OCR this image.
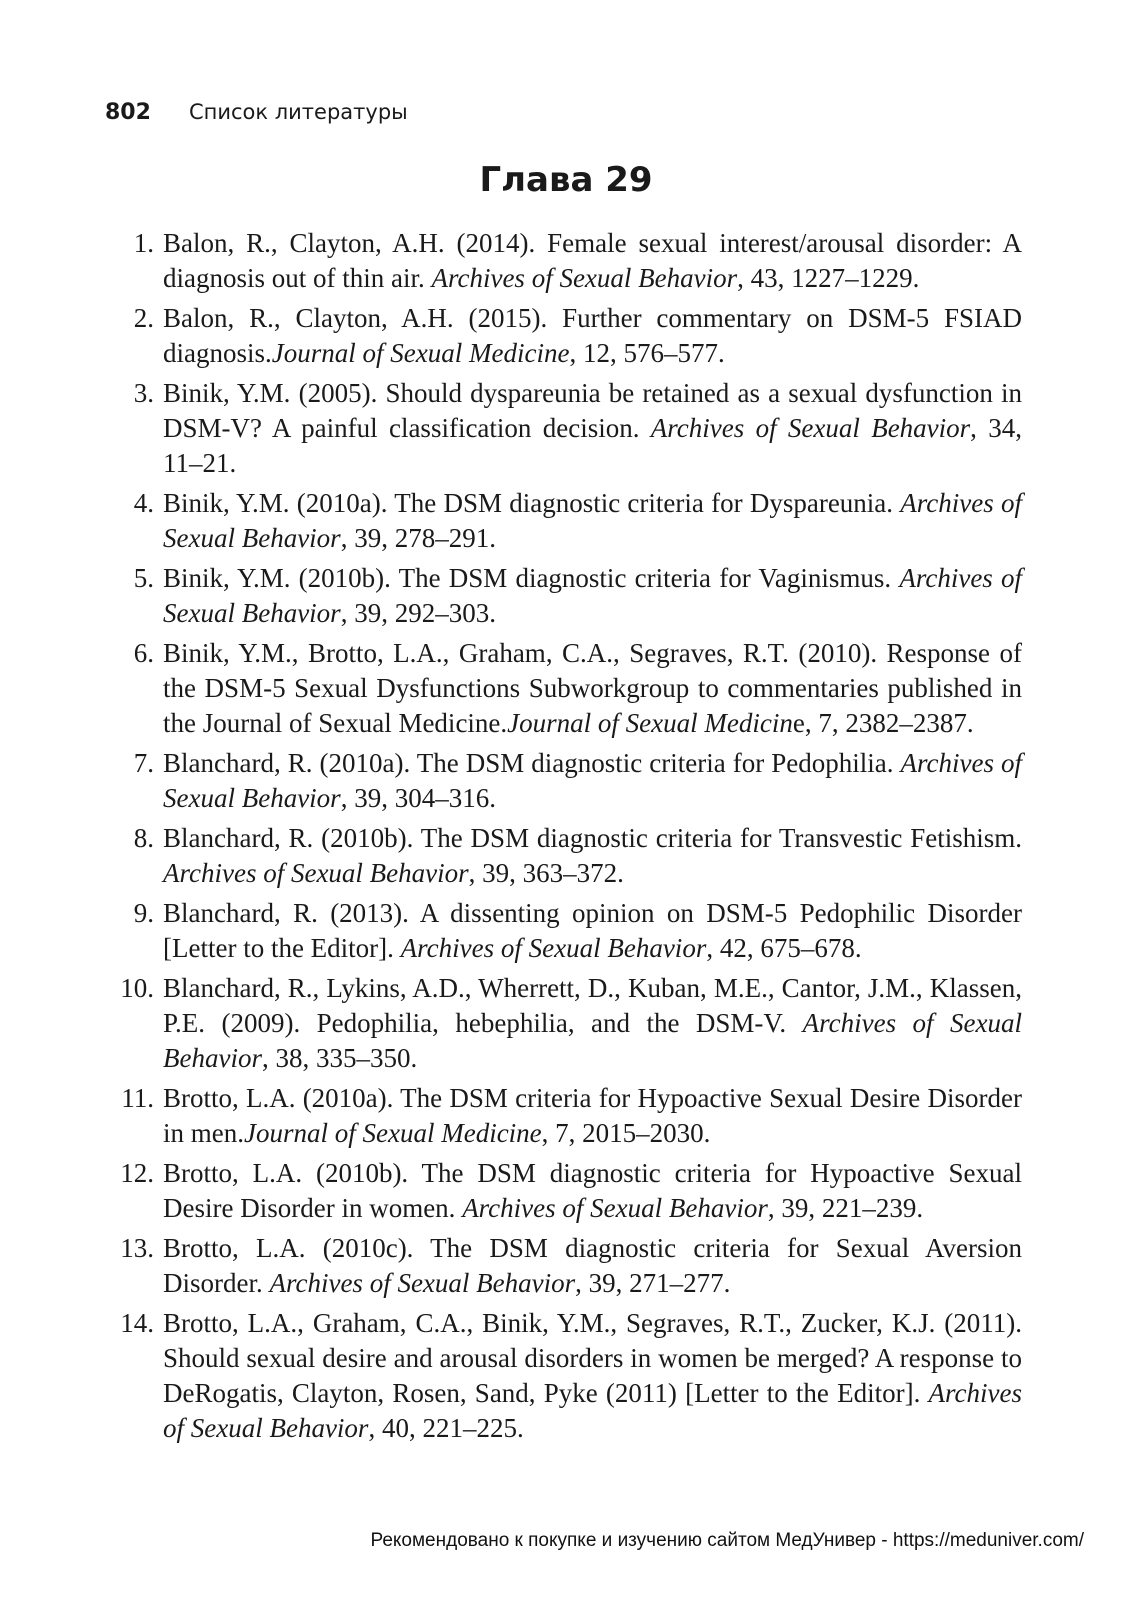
802 Список литературы
Глава 29
1. Balon, R., Clayton, A.H. (2014). Female sexual interest/arousal disorder: A diagnosis out of thin air. Archives of Sexual Behavior, 43, 1227–1229.
2. Balon, R., Clayton, A.H. (2015). Further commentary on DSM-5 FSIAD diagnosis.Journal of Sexual Medicine, 12, 576–577.
3. Binik, Y.M. (2005). Should dyspareunia be retained as a sexual dysfunction in DSM-V? A painful classification decision. Archives of Sexual Behavior, 34, 11–21.
4. Binik, Y.M. (2010a). The DSM diagnostic criteria for Dyspareunia. Archives of Sexual Behavior, 39, 278–291.
5. Binik, Y.M. (2010b). The DSM diagnostic criteria for Vaginismus. Archives of Sexual Behavior, 39, 292–303.
6. Binik, Y.M., Brotto, L.A., Graham, C.A., Segraves, R.T. (2010). Response of the DSM-5 Sexual Dysfunctions Subworkgroup to commentaries published in the Journal of Sexual Medicine.Journal of Sexual Medicine, 7, 2382–2387.
7. Blanchard, R. (2010a). The DSM diagnostic criteria for Pedophilia. Archives of Sexual Behavior, 39, 304–316.
8. Blanchard, R. (2010b). The DSM diagnostic criteria for Transvestic Fetishism. Archives of Sexual Behavior, 39, 363–372.
9. Blanchard, R. (2013). A dissenting opinion on DSM-5 Pedophilic Disorder [Letter to the Editor]. Archives of Sexual Behavior, 42, 675–678.
10. Blanchard, R., Lykins, A.D., Wherrett, D., Kuban, M.E., Cantor, J.M., Klassen, P.E. (2009). Pedophilia, hebephilia, and the DSM-V. Archives of Sexual Behavior, 38, 335–350.
11. Brotto, L.A. (2010a). The DSM criteria for Hypoactive Sexual Desire Disorder in men.Journal of Sexual Medicine, 7, 2015–2030.
12. Brotto, L.A. (2010b). The DSM diagnostic criteria for Hypoactive Sexual Desire Disorder in women. Archives of Sexual Behavior, 39, 221–239.
13. Brotto, L.A. (2010c). The DSM diagnostic criteria for Sexual Aversion Disorder. Archives of Sexual Behavior, 39, 271–277.
14. Brotto, L.A., Graham, C.A., Binik, Y.M., Segraves, R.T., Zucker, K.J. (2011). Should sexual desire and arousal disorders in women be merged? A response to DeRogatis, Clayton, Rosen, Sand, Pyke (2011) [Letter to the Editor]. Archives of Sexual Behavior, 40, 221–225.
Рекомендовано к покупке и изучению сайтом МедУнивер - https://meduniver.com/
